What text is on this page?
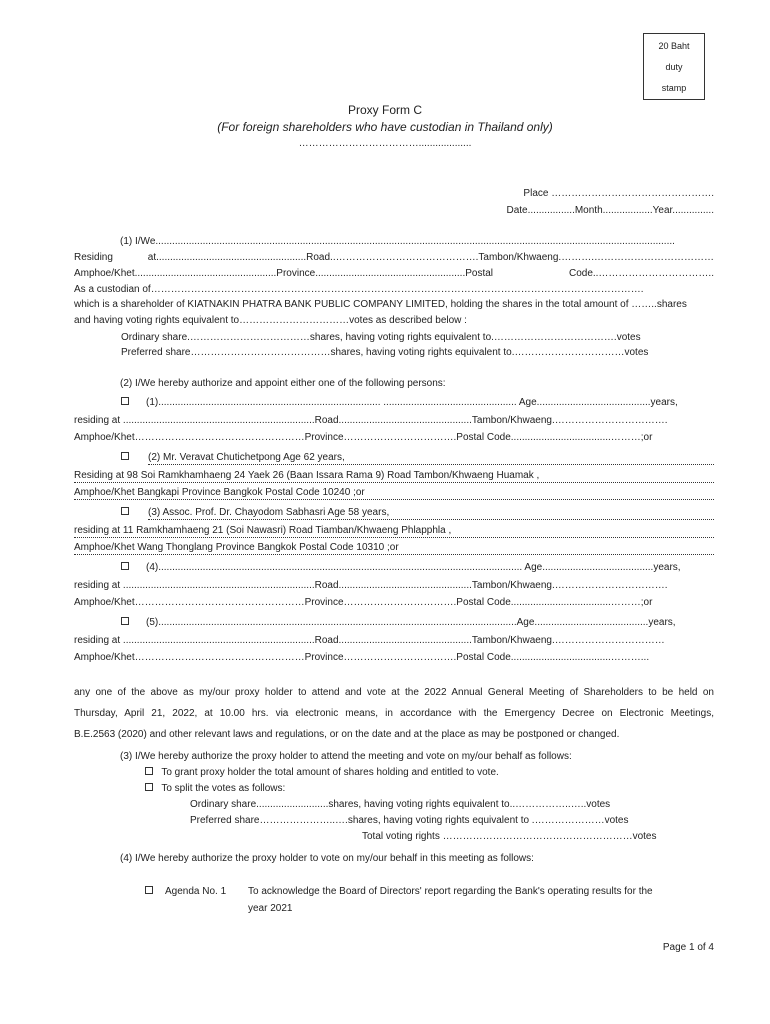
20 Baht
duty
stamp
Proxy Form C
(For foreign shareholders who have custodian in Thailand only)
………………………………...................
Place ………………………………………….
Date.................Month..................Year...............
(1) I/We...........................................................................................................................................................................................
Residing at......................................................Road..…………………………………….Tambon/Khwaeng.……….………………………………
Amphoe/Khet...................................................Province......................................................Postal Code..……………………………..
As a custodian of………………………………………………………………………………………………………………………………….
which is a shareholder of KIATNAKIN PHATRA BANK PUBLIC COMPANY LIMITED, holding the shares in the total amount of ……..shares
and having voting rights equivalent to……………………………votes as described below :
Ordinary share.………………………………shares, having voting rights equivalent to.……………………………….votes
Preferred share……………………………………shares, having voting rights equivalent to.……………………………votes
(2) I/We hereby authorize and appoint either one of the following persons:
(1)................................................................................ ................................................ Age.........................................years,
residing at .....................................................................Road................................................Tambon/Khwaeng.…………………………….
Amphoe/Khet……………………………………………Province…………………………….Postal Code....................................………;or
(2) Mr. Veravat Chutichetpong Age 62 years,
Residing at 98 Soi Ramkhamhaeng 24 Yaek 26 (Baan Issara Rama 9) Road Tambon/Khwaeng Huamak ,
Amphoe/Khet Bangkapi Province Bangkok Postal Code 10240 ;or
(3) Assoc. Prof. Dr. Chayodom Sabhasri Age 58 years,
residing at 11 Ramkhamhaeng 21 (Soi Nawasri) Road Tiamban/Khwaeng Phlapphla ,
Amphoe/Khet Wang Thonglang Province Bangkok Postal Code 10310 ;or
(4)................................................................................................................................... Age........................................years,
residing at .....................................................................Road................................................Tambon/Khwaeng.…………………………….
Amphoe/Khet……………………………………………Province…………………………….Postal Code....................................………;or
(5).................................................................................................................................Age.........................................years,
residing at .....................................................................Road................................................Tambon/Khwaeng.……………………………
Amphoe/Khet……………………………………………Province…………………………….Postal Code....................................………...
any one of the above as my/our proxy holder to attend and vote at the 2022 Annual General Meeting of Shareholders to be held on
Thursday, April 21, 2022, at 10.00 hrs. via electronic means, in accordance with the Emergency Decree on Electronic Meetings,
B.E.2563 (2020) and other relevant laws and regulations, or on the date and at the place as may be postponed or changed.
(3) I/We hereby authorize the proxy holder to attend the meeting and vote on my/our behalf as follows:
To grant proxy holder the total amount of shares holding and entitled to vote.
To split the votes as follows:
Ordinary share..........................shares, having voting rights equivalent to..……………..…..votes
Preferred share…………………..….shares, having voting rights equivalent to .…………………votes
Total voting rights …………………………………………………votes
(4) I/We hereby authorize the proxy holder to vote on my/our behalf in this meeting as follows:
Agenda No. 1 To acknowledge the Board of Directors' report regarding the Bank's operating results for the
year 2021
Page 1 of 4
